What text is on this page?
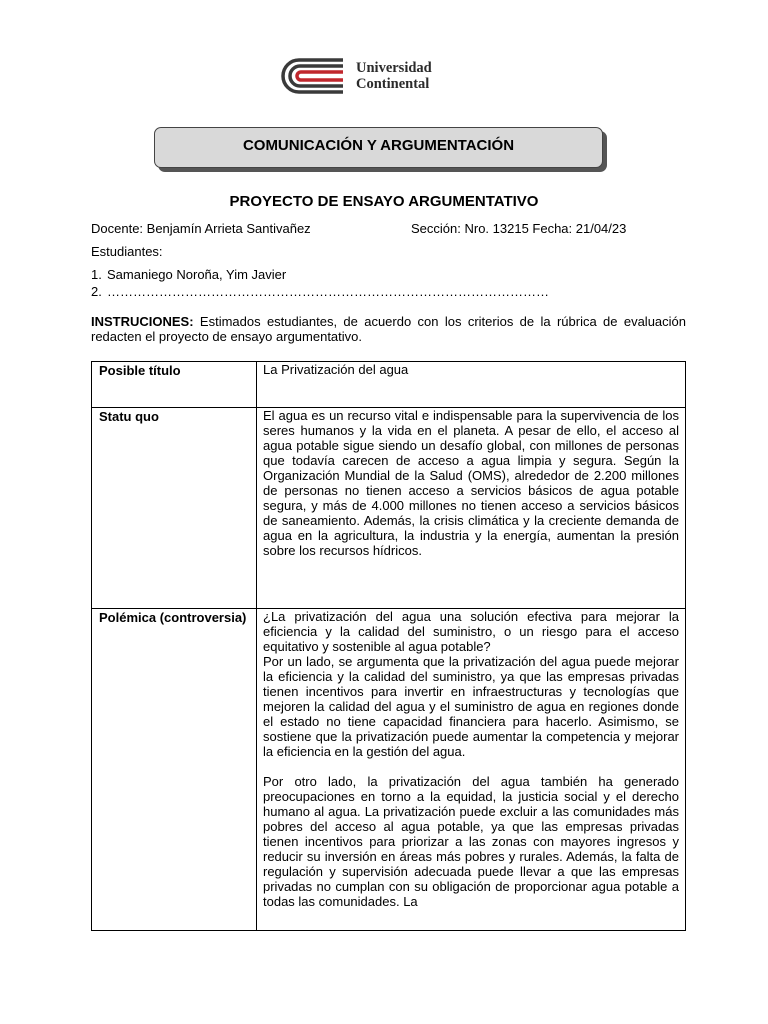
Universidad
Continental
COMUNICACIÓN Y ARGUMENTACIÓN
PROYECTO DE ENSAYO ARGUMENTATIVO
Docente: Benjamín Arrieta Santivañez	Sección: Nro. 13215 Fecha: 21/04/23
Estudiantes:
1. Samaniego Noroña, Yim Javier
2. …………………………………………………………………………………………
INSTRUCIONES: Estimados estudiantes, de acuerdo con los criterios de la rúbrica de evaluación redacten el proyecto de ensayo argumentativo.
Posible título	La Privatización del agua

Statu quo	El agua es un recurso vital e indispensable para la supervivencia de los seres humanos y la vida en el planeta. A pesar de ello, el acceso al agua potable sigue siendo un desafío global, con millones de personas que todavía carecen de acceso a agua limpia y segura. Según la Organización Mundial de la Salud (OMS), alrededor de 2.200 millones de personas no tienen acceso a servicios básicos de agua potable segura, y más de 4.000 millones no tienen acceso a servicios básicos de saneamiento. Además, la crisis climática y la creciente demanda de agua en la agricultura, la industria y la energía, aumentan la presión sobre los recursos hídricos.

Polémica (controversia)	¿La privatización del agua una solución efectiva para mejorar la eficiencia y la calidad del suministro, o un riesgo para el acceso equitativo y sostenible al agua potable?

Por un lado, se argumenta que la privatización del agua puede mejorar la eficiencia y la calidad del suministro, ya que las empresas privadas tienen incentivos para invertir en infraestructuras y tecnologías que mejoren la calidad del agua y el suministro de agua en regiones donde el estado no tiene capacidad financiera para hacerlo. Asimismo, se sostiene que la privatización puede aumentar la competencia y mejorar la eficiencia en la gestión del agua.

Por otro lado, la privatización del agua también ha generado preocupaciones en torno a la equidad, la justicia social y el derecho humano al agua. La privatización puede excluir a las comunidades más pobres del acceso al agua potable, ya que las empresas privadas tienen incentivos para priorizar a las zonas con mayores ingresos y reducir su inversión en áreas más pobres y rurales. Además, la falta de regulación y supervisión adecuada puede llevar a que las empresas privadas no cumplan con su obligación de proporcionar agua potable a todas las comunidades. La
